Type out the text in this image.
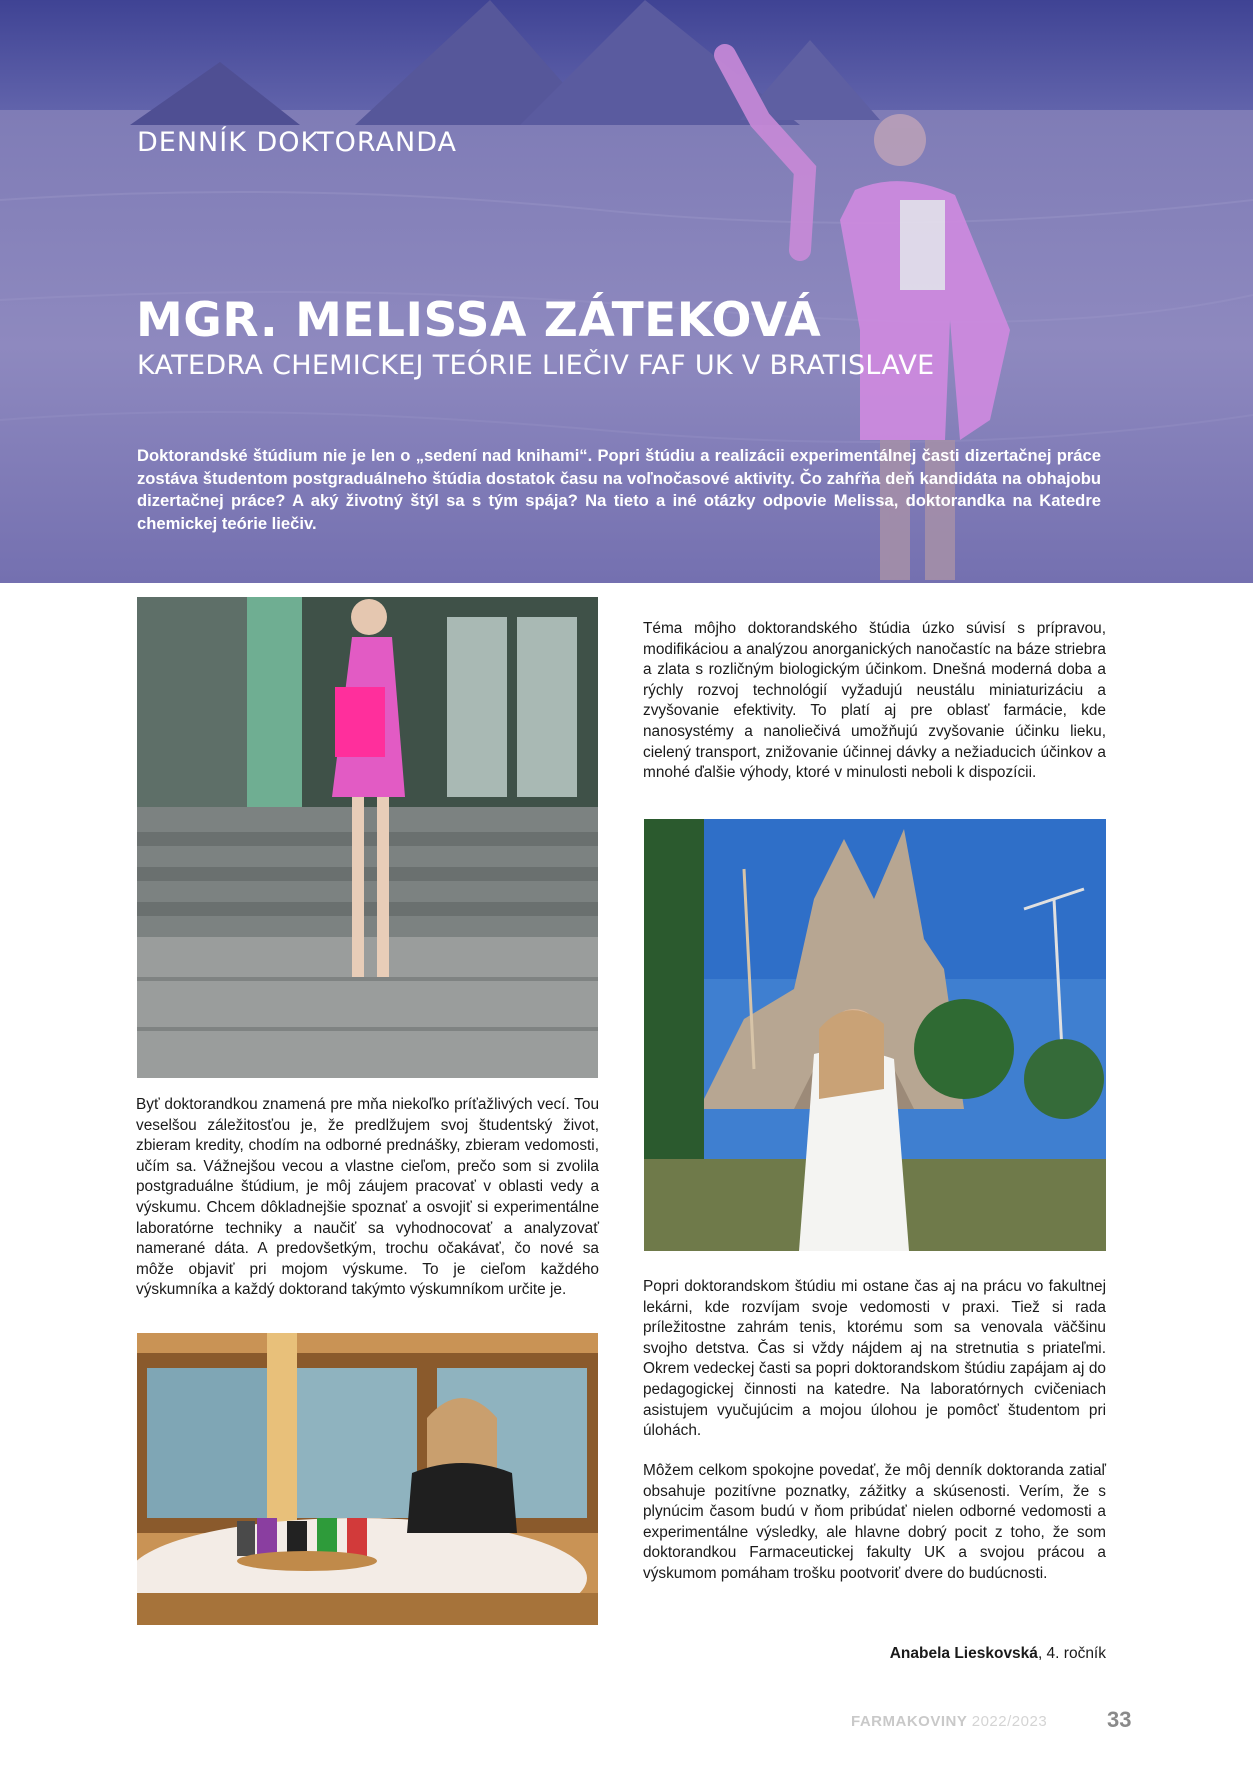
DENNÍK DOKTORANDA
MGR. MELISSA ZÁTEKOVÁ
KATEDRA CHEMICKEJ TEÓRIE LIEČIV FAF UK V BRATISLAVE
Doktorandské štúdium nie je len o „sedení nad knihami“. Popri štúdiu a realizácii experimentálnej časti dizertačnej práce zostáva študentom postgraduálneho štúdia dostatok času na voľnočasové aktivity. Čo zahŕňa deň kandidáta na obhajobu dizertačnej práce? A aký životný štýl sa s tým spája? Na tieto a iné otázky odpovie Melissa, doktorandka na Katedre chemickej teórie liečiv.
Téma môjho doktorandského štúdia úzko súvisí s prípravou, modifikáciou a analýzou anorganických nanočastíc na báze striebra a zlata s rozličným biologickým účinkom. Dnešná moderná doba a rýchly rozvoj technológií vyžadujú neustálu miniaturizáciu a zvyšovanie efektivity. To platí aj pre oblasť farmácie, kde nanosystémy a nanoliečivá umožňujú zvyšovanie účinku lieku, cielený transport, znižovanie účinnej dávky a nežiaducich účinkov a mnohé ďalšie výhody, ktoré v minulosti neboli k dispozícii.
Byť doktorandkou znamená pre mňa niekoľko príťažlivých vecí. Tou veselšou záležitosťou je, že predlžujem svoj študentský život, zbieram kredity, chodím na odborné prednášky, zbieram vedomosti, učím sa. Vážnejšou vecou a vlastne cieľom, prečo som si zvolila postgraduálne štúdium, je môj záujem pracovať v oblasti vedy a výskumu. Chcem dôkladnejšie spoznať a osvojiť si experimentálne laboratórne techniky a naučiť sa vyhodnocovať a analyzovať namerané dáta. A predovšetkým, trochu očakávať, čo nové sa môže objaviť pri mojom výskume. To je cieľom každého výskumníka a každý doktorand takýmto výskumníkom určite je.	Popri doktorandskom štúdiu mi ostane čas aj na prácu vo fakultnej lekárni, kde rozvíjam svoje vedomosti v praxi. Tiež si rada príležitostne zahrám tenis, ktorému som sa venovala väčšinu svojho detstva. Čas si vždy nájdem aj na stretnutia s priateľmi. Okrem vedeckej časti sa popri doktorandskom štúdiu zapájam aj do pedagogickej činnosti na katedre. Na laboratórnych cvičeniach asistujem vyučujúcim a mojou úlohou je pomôcť študentom pri úlohách.
Môžem celkom spokojne povedať, že môj denník doktoranda zatiaľ obsahuje pozitívne poznatky, zážitky a skúsenosti. Verím, že s plynúcim časom budú v ňom pribúdať nielen odborné vedomosti a experimentálne výsledky, ale hlavne dobrý pocit z toho, že som doktorandkou Farmaceutickej fakulty UK a svojou prácou a výskumom pomáham trošku pootvoriť dvere do budúcnosti.
Anabela Lieskovská, 4. ročník
FARMAKOVINY 2022/2023	33
